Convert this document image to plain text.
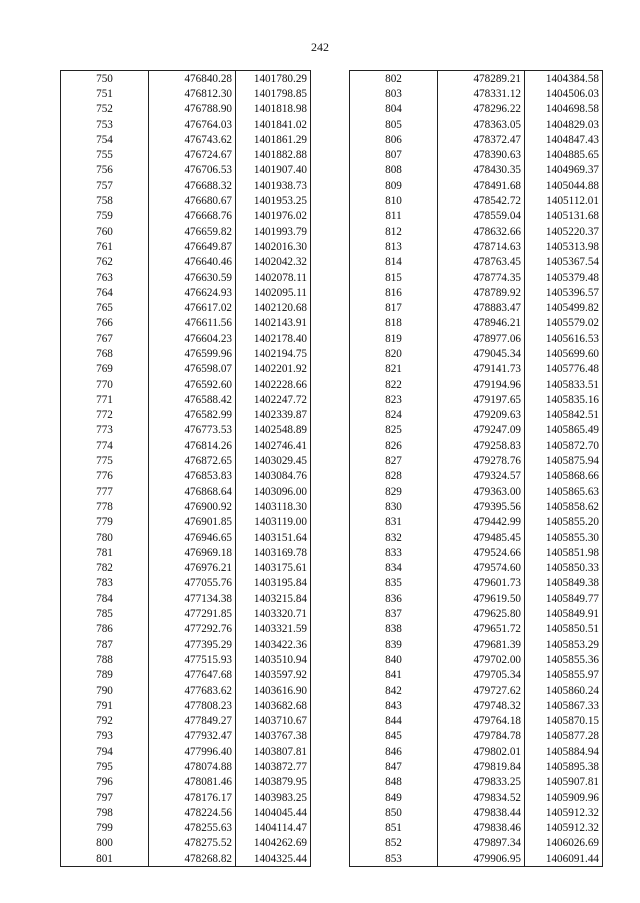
242
750	476840.28	1401780.29
751	476812.30	1401798.85
752	476788.90	1401818.98
753	476764.03	1401841.02
754	476743.62	1401861.29
755	476724.67	1401882.88
756	476706.53	1401907.40
757	476688.32	1401938.73
758	476680.67	1401953.25
759	476668.76	1401976.02
760	476659.82	1401993.79
761	476649.87	1402016.30
762	476640.46	1402042.32
763	476630.59	1402078.11
764	476624.93	1402095.11
765	476617.02	1402120.68
766	476611.56	1402143.91
767	476604.23	1402178.40
768	476599.96	1402194.75
769	476598.07	1402201.92
770	476592.60	1402228.66
771	476588.42	1402247.72
772	476582.99	1402339.87
773	476773.53	1402548.89
774	476814.26	1402746.41
775	476872.65	1403029.45
776	476853.83	1403084.76
777	476868.64	1403096.00
778	476900.92	1403118.30
779	476901.85	1403119.00
780	476946.65	1403151.64
781	476969.18	1403169.78
782	476976.21	1403175.61
783	477055.76	1403195.84
784	477134.38	1403215.84
785	477291.85	1403320.71
786	477292.76	1403321.59
787	477395.29	1403422.36
788	477515.93	1403510.94
789	477647.68	1403597.92
790	477683.62	1403616.90
791	477808.23	1403682.68
792	477849.27	1403710.67
793	477932.47	1403767.38
794	477996.40	1403807.81
795	478074.88	1403872.77
796	478081.46	1403879.95
797	478176.17	1403983.25
798	478224.56	1404045.44
799	478255.63	1404114.47
800	478275.52	1404262.69
801	478268.82	1404325.44
802	478289.21	1404384.58
803	478331.12	1404506.03
804	478296.22	1404698.58
805	478363.05	1404829.03
806	478372.47	1404847.43
807	478390.63	1404885.65
808	478430.35	1404969.37
809	478491.68	1405044.88
810	478542.72	1405112.01
811	478559.04	1405131.68
812	478632.66	1405220.37
813	478714.63	1405313.98
814	478763.45	1405367.54
815	478774.35	1405379.48
816	478789.92	1405396.57
817	478883.47	1405499.82
818	478946.21	1405579.02
819	478977.06	1405616.53
820	479045.34	1405699.60
821	479141.73	1405776.48
822	479194.96	1405833.51
823	479197.65	1405835.16
824	479209.63	1405842.51
825	479247.09	1405865.49
826	479258.83	1405872.70
827	479278.76	1405875.94
828	479324.57	1405868.66
829	479363.00	1405865.63
830	479395.56	1405858.62
831	479442.99	1405855.20
832	479485.45	1405855.30
833	479524.66	1405851.98
834	479574.60	1405850.33
835	479601.73	1405849.38
836	479619.50	1405849.77
837	479625.80	1405849.91
838	479651.72	1405850.51
839	479681.39	1405853.29
840	479702.00	1405855.36
841	479705.34	1405855.97
842	479727.62	1405860.24
843	479748.32	1405867.33
844	479764.18	1405870.15
845	479784.78	1405877.28
846	479802.01	1405884.94
847	479819.84	1405895.38
848	479833.25	1405907.81
849	479834.52	1405909.96
850	479838.44	1405912.32
851	479838.46	1405912.32
852	479897.34	1406026.69
853	479906.95	1406091.44
